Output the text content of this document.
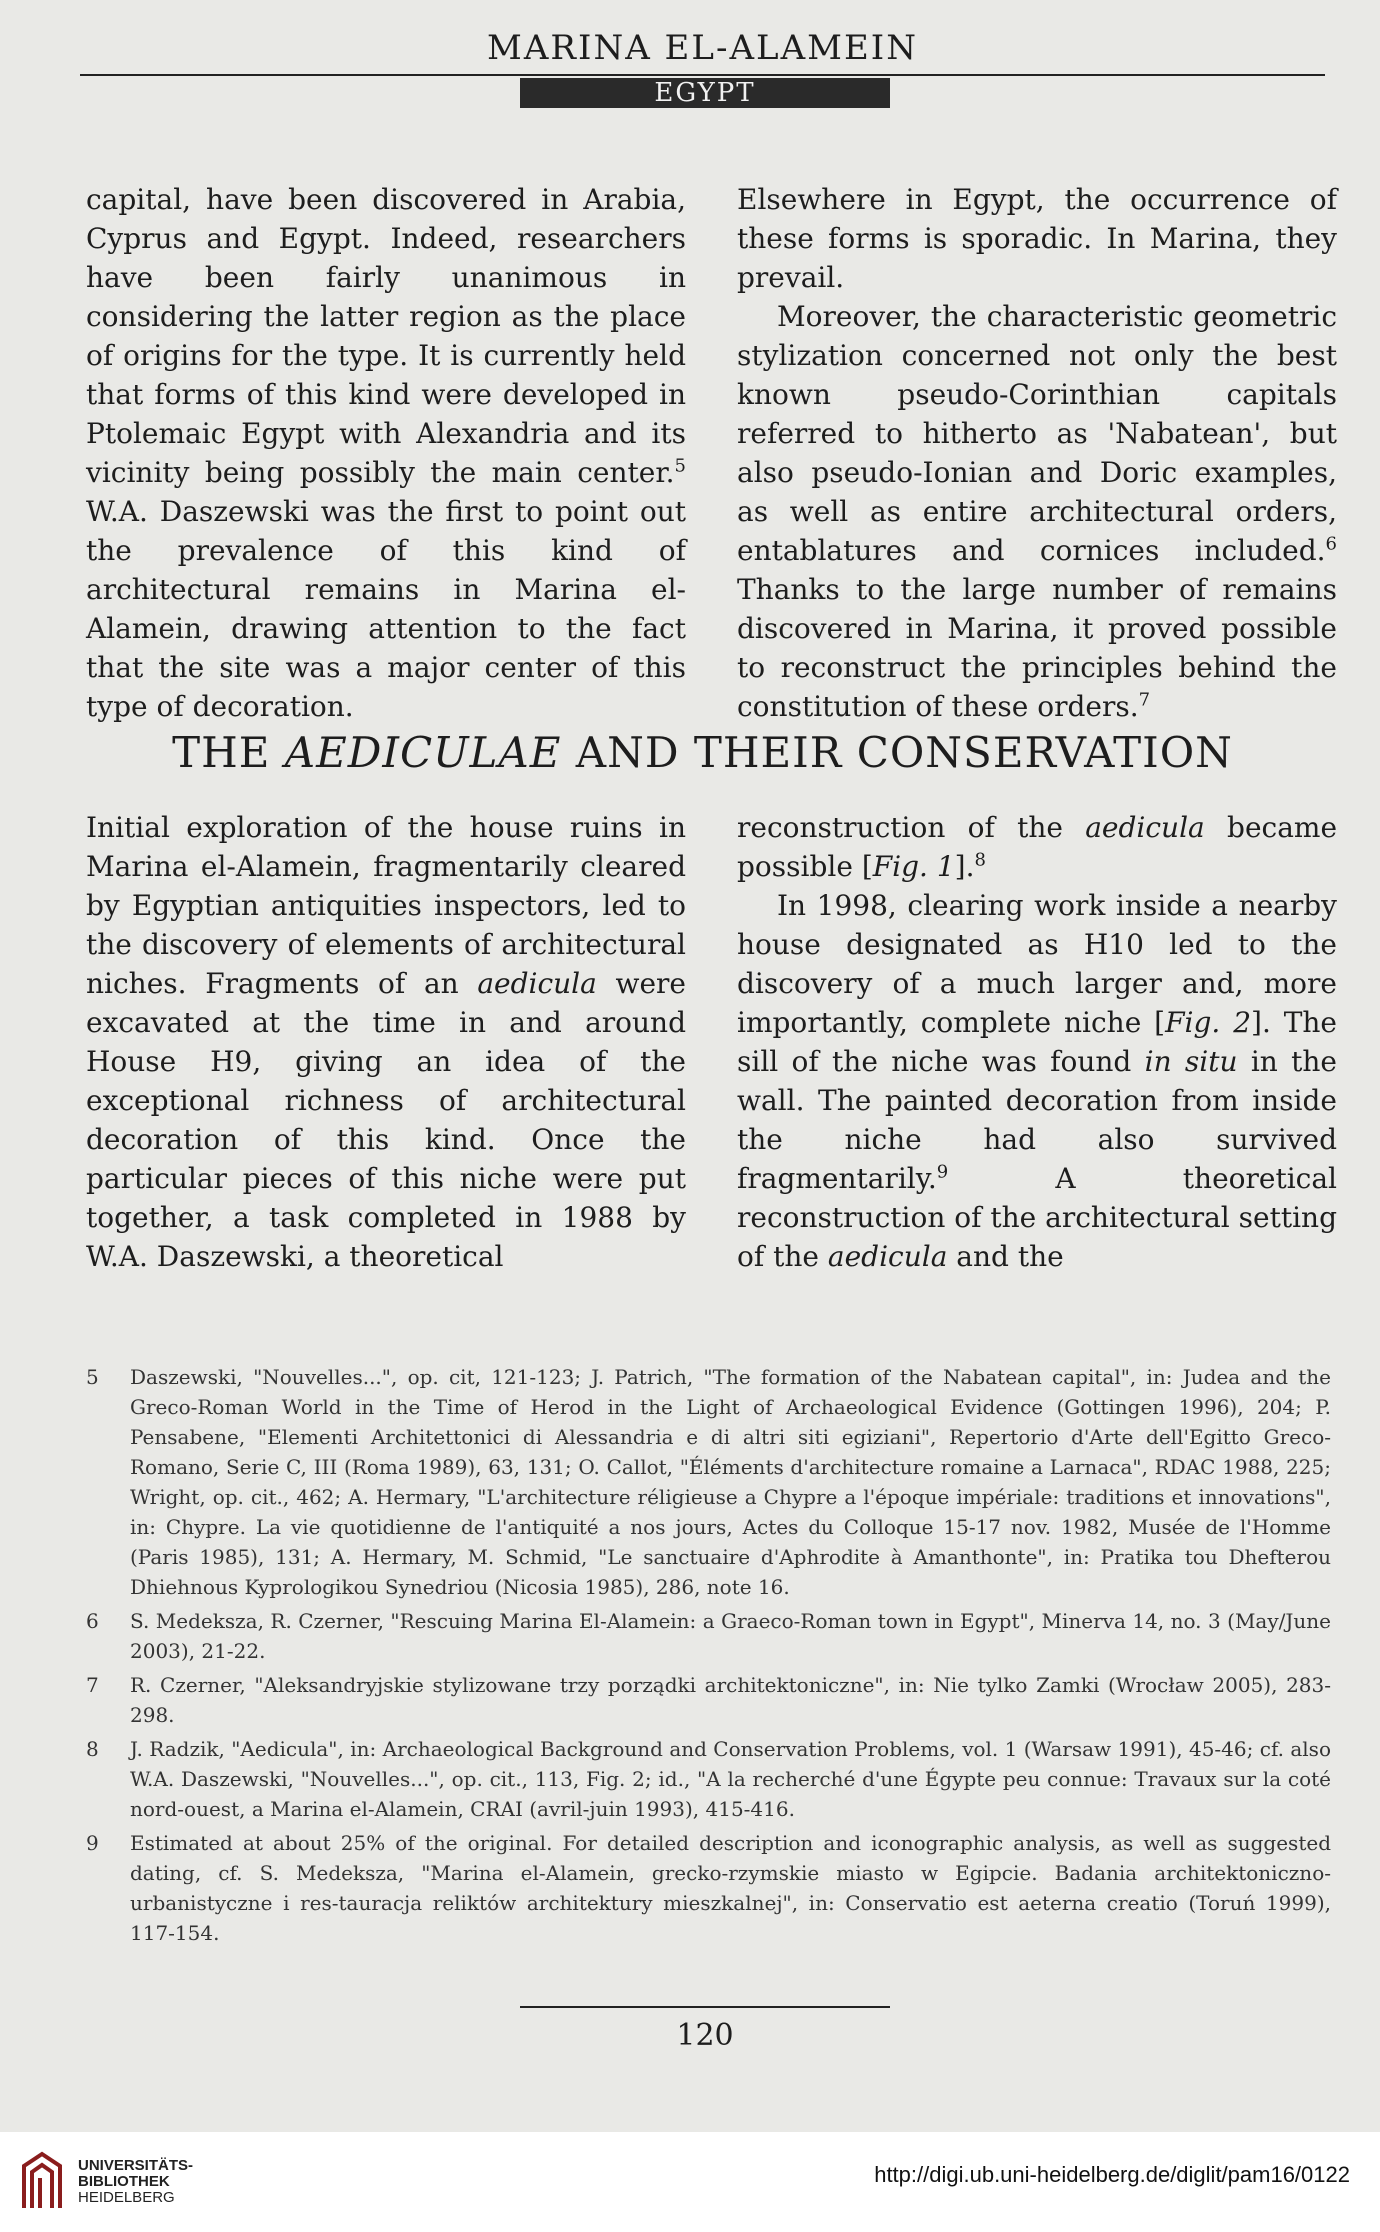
MARINA EL-ALAMEIN
EGYPT

capital, have been discovered in Arabia, Cyprus and Egypt. Indeed, researchers have been fairly unanimous in considering the latter region as the place of origins for the type. It is currently held that forms of this kind were developed in Ptolemaic Egypt with Alexandria and its vicinity being possibly the main center.$^5$ W.A. Daszewski was the first to point out the prevalence of this kind of architectural remains in Marina el-Alamein, drawing attention to the fact that the site was a major center of this type of decoration.

Elsewhere in Egypt, the occurrence of these forms is sporadic. In Marina, they prevail.

Moreover, the characteristic geometric stylization concerned not only the best known pseudo-Corinthian capitals referred to hitherto as 'Nabatean', but also pseudo-Ionian and Doric examples, as well as entire architectural orders, entablatures and cornices included.$^6$ Thanks to the large number of remains discovered in Marina, it proved possible to reconstruct the principles behind the constitution of these orders.$^7$

THE AEDICULAE AND THEIR CONSERVATION

Initial exploration of the house ruins in Marina el-Alamein, fragmentarily cleared by Egyptian antiquities inspectors, led to the discovery of elements of architectural niches. Fragments of an aedicula were excavated at the time in and around House H9, giving an idea of the exceptional richness of architectural decoration of this kind. Once the particular pieces of this niche were put together, a task completed in 1988 by W.A. Daszewski, a theoretical

reconstruction of the aedicula became possible [Fig. 1].$^8$

In 1998, clearing work inside a nearby house designated as H10 led to the discovery of a much larger and, more importantly, complete niche [Fig. 2]. The sill of the niche was found in situ in the wall. The painted decoration from inside the niche had also survived fragmentarily.$^9$ A theoretical reconstruction of the architectural setting of the aedicula and the

5	Daszewski, "Nouvelles...", op. cit, 121-123; J. Patrich, "The formation of the Nabatean capital", in: Judea and the Greco-Roman World in the Time of Herod in the Light of Archaeological Evidence (Gottingen 1996), 204; P. Pensabene, "Elementi Architettonici di Alessandria e di altri siti egiziani", Repertorio d'Arte dell'Egitto Greco-Romano, Serie C, III (Roma 1989), 63, 131; O. Callot, "Éléments d'architecture romaine a Larnaca", RDAC 1988, 225; Wright, op. cit., 462; A. Hermary, "L'architecture réligieuse a Chypre a l'époque impériale: traditions et innovations", in: Chypre. La vie quotidienne de l'antiquité a nos jours, Actes du Colloque 15-17 nov. 1982, Musée de l'Homme (Paris 1985), 131; A. Hermary, M. Schmid, "Le sanctuaire d'Aphrodite à Amanthonte", in: Pratika tou Dhefterou Dhiehnous Kyprologikou Synedriou (Nicosia 1985), 286, note 16.
6	S. Medeksza, R. Czerner, "Rescuing Marina El-Alamein: a Graeco-Roman town in Egypt", Minerva 14, no. 3 (May/June 2003), 21-22.
7	R. Czerner, "Aleksandryjskie stylizowane trzy porządki architektoniczne", in: Nie tylko Zamki (Wrocław 2005), 283-298.
8	J. Radzik, "Aedicula", in: Archaeological Background and Conservation Problems, vol. 1 (Warsaw 1991), 45-46; cf. also W.A. Daszewski, "Nouvelles...", op. cit., 113, Fig. 2; id., "A la recherché d'une Égypte peu connue: Travaux sur la coté nord-ouest, a Marina el-Alamein, CRAI (avril-juin 1993), 415-416.
9	Estimated at about 25% of the original. For detailed description and iconographic analysis, as well as suggested dating, cf. S. Medeksza, "Marina el-Alamein, grecko-rzymskie miasto w Egipcie. Badania architektoniczno-urbanistyczne i res-tauracja reliktów architektury mieszkalnej", in: Conservatio est aeterna creatio (Toruń 1999), 117-154.
120
UNIVERSITÄTS-
BIBLIOTHEK
HEIDELBERG
http://digi.ub.uni-heidelberg.de/diglit/pam16/0122
